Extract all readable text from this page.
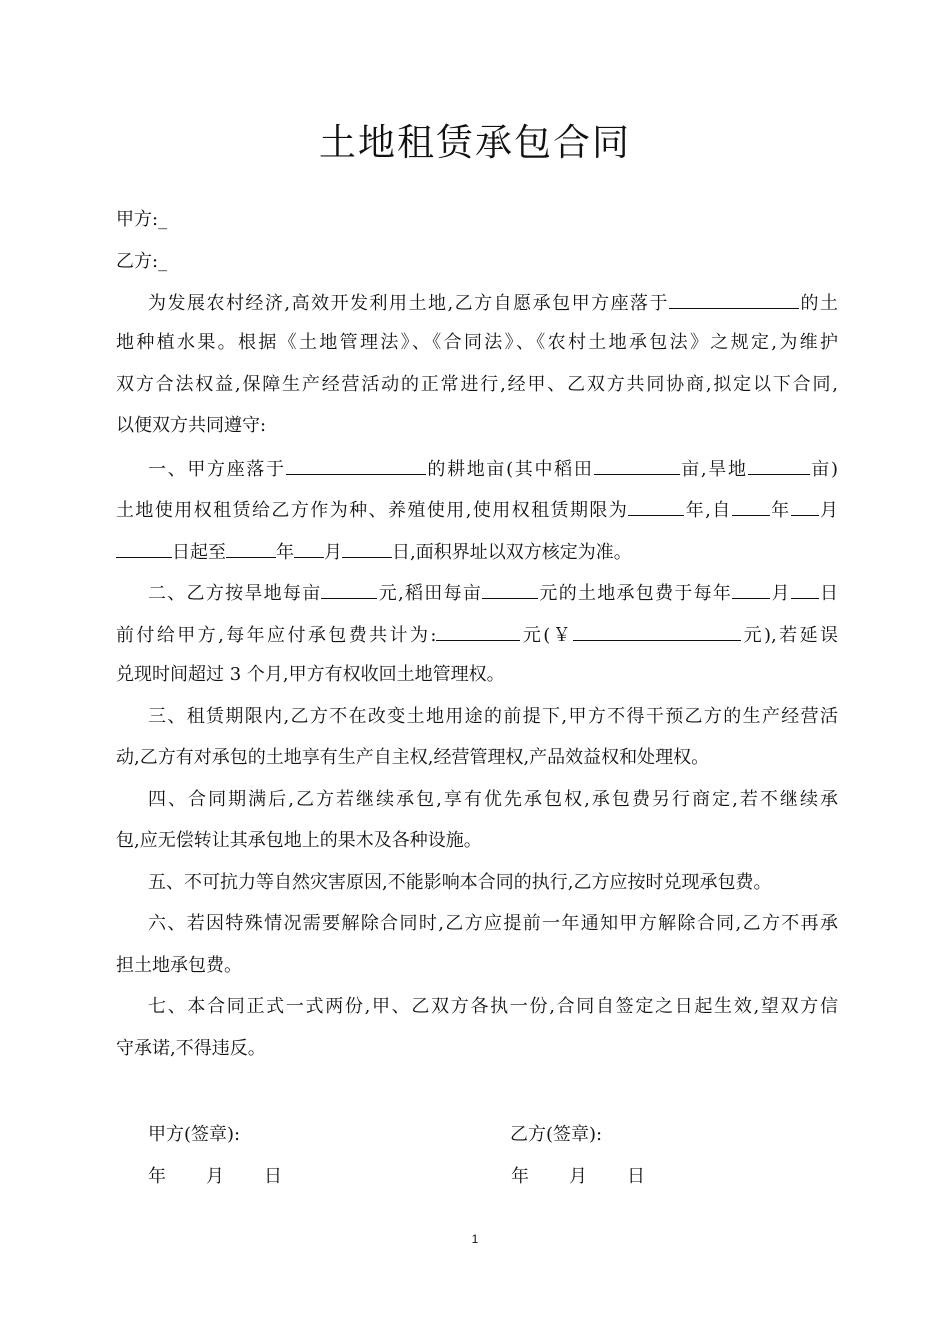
土地租赁承包合同
甲方:_
乙方:_
为发展农村经济,高效开发利用土地,乙方自愿承包甲方座落于	的土
地种植水果。根据《土地管理法》、《合同法》、《农村土地承包法》之规定,为维护
双方合法权益,保障生产经营活动的正常进行,经甲、乙双方共同协商,拟定以下合同,
以便双方共同遵守:
一、甲方座落于	的耕地亩(其中稻田	亩,旱地	亩)
土地使用权租赁给乙方作为种、养殖使用,使用权租赁期限为	年,自 年 月
日起至	年 月	日,面积界址以双方核定为准。
二、乙方按旱地每亩	元,稻田每亩	元的土地承包费于每年 月 日
前付给甲方,每年应付承包费共计为:	元(￥	元),若延误
兑现时间超过 3 个月,甲方有权收回土地管理权。
三、租赁期限内,乙方不在改变土地用途的前提下,甲方不得干预乙方的生产经营活
动,乙方有对承包的土地享有生产自主权,经营管理权,产品效益权和处理权。
四、合同期满后,乙方若继续承包,享有优先承包权,承包费另行商定,若不继续承
包,应无偿转让其承包地上的果木及各种设施。
五、不可抗力等自然灾害原因,不能影响本合同的执行,乙方应按时兑现承包费。
六、若因特殊情况需要解除合同时,乙方应提前一年通知甲方解除合同,乙方不再承
担土地承包费。
七、本合同正式一式两份,甲、乙双方各执一份,合同自签定之日起生效,望双方信
守承诺,不得违反。
甲方(签章):	乙方(签章):
年 月 日	年 月 日
1
